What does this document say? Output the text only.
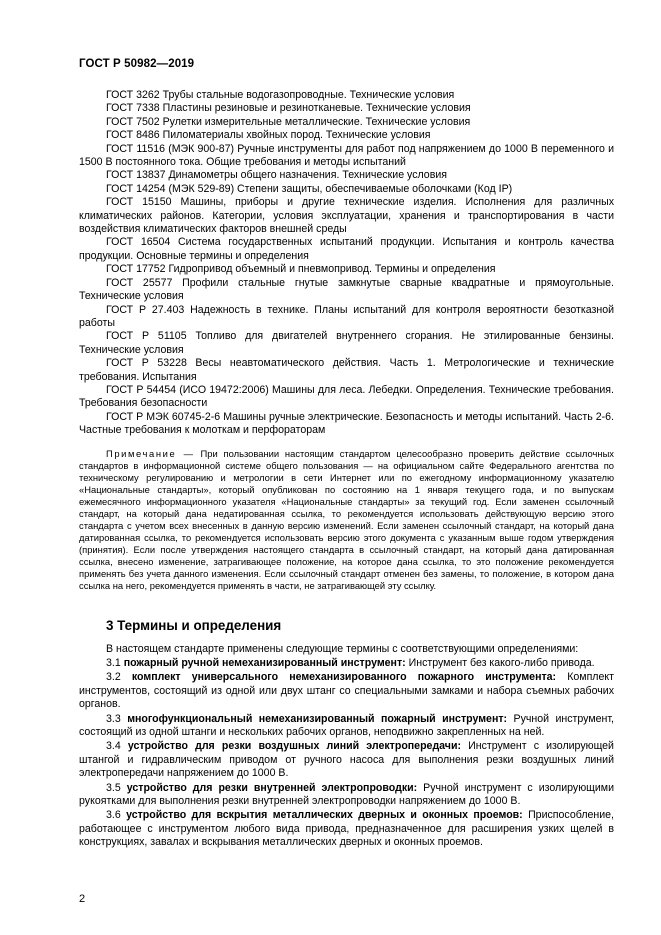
ГОСТ Р 50982—2019

ГОСТ 3262 Трубы стальные водогазопроводные. Технические условия

ГОСТ 7338 Пластины резиновые и резинотканевые. Технические условия

ГОСТ 7502 Рулетки измерительные металлические. Технические условия

ГОСТ 8486 Пиломатериалы хвойных пород. Технические условия

ГОСТ 11516 (МЭК 900-87) Ручные инструменты для работ под напряжением до 1000 В переменного и 1500 В постоянного тока. Общие требования и методы испытаний

ГОСТ 13837 Динамометры общего назначения. Технические условия

ГОСТ 14254 (МЭК 529-89) Степени защиты, обеспечиваемые оболочками (Код IP)

ГОСТ 15150 Машины, приборы и другие технические изделия. Исполнения для различных климатических районов. Категории, условия эксплуатации, хранения и транспортирования в части воздействия климатических факторов внешней среды

ГОСТ 16504 Система государственных испытаний продукции. Испытания и контроль качества продукции. Основные термины и определения

ГОСТ 17752 Гидропривод объемный и пневмопривод. Термины и определения

ГОСТ 25577 Профили стальные гнутые замкнутые сварные квадратные и прямоугольные. Технические условия

ГОСТ Р 27.403 Надежность в технике. Планы испытаний для контроля вероятности безотказной работы

ГОСТ Р 51105 Топливо для двигателей внутреннего сгорания. Не этилированные бензины. Технические условия

ГОСТ Р 53228 Весы неавтоматического действия. Часть 1. Метрологические и технические требования. Испытания

ГОСТ Р 54454 (ИСО 19472:2006) Машины для леса. Лебедки. Определения. Технические требования. Требования безопасности

ГОСТ Р МЭК 60745-2-6 Машины ручные электрические. Безопасность и методы испытаний. Часть 2-6. Частные требования к молоткам и перфораторам

Примечание — При пользовании настоящим стандартом целесообразно проверить действие ссылочных стандартов в информационной системе общего пользования — на официальном сайте Федерального агентства по техническому регулированию и метрологии в сети Интернет или по ежегодному информационному указателю «Национальные стандарты», который опубликован по состоянию на 1 января текущего года, и по выпускам ежемесячного информационного указателя «Национальные стандарты» за текущий год. Если заменен ссылочный стандарт, на который дана недатированная ссылка, то рекомендуется использовать действующую версию этого стандарта с учетом всех внесенных в данную версию изменений. Если заменен ссылочный стандарт, на который дана датированная ссылка, то рекомендуется использовать версию этого документа с указанным выше годом утверждения (принятия). Если после утверждения настоящего стандарта в ссылочный стандарт, на который дана датированная ссылка, внесено изменение, затрагивающее положение, на которое дана ссылка, то это положение рекомендуется применять без учета данного изменения. Если ссылочный стандарт отменен без замены, то положение, в котором дана ссылка на него, рекомендуется применять в части, не затрагивающей эту ссылку.

3 Термины и определения

В настоящем стандарте применены следующие термины с соответствующими определениями:

3.1 пожарный ручной немеханизированный инструмент: Инструмент без какого-либо привода.

3.2 комплект универсального немеханизированного пожарного инструмента: Комплект инструментов, состоящий из одной или двух штанг со специальными замками и набора съемных рабочих органов.

3.3 многофункциональный немеханизированный пожарный инструмент: Ручной инструмент, состоящий из одной штанги и нескольких рабочих органов, неподвижно закрепленных на ней.

3.4 устройство для резки воздушных линий электропередачи: Инструмент с изолирующей штангой и гидравлическим приводом от ручного насоса для выполнения резки воздушных линий электропередачи напряжением до 1000 В.

3.5 устройство для резки внутренней электропроводки: Ручной инструмент с изолирующими рукоятками для выполнения резки внутренней электропроводки напряжением до 1000 В.

3.6 устройство для вскрытия металлических дверных и оконных проемов: Приспособление, работающее с инструментом любого вида привода, предназначенное для расширения узких щелей в конструкциях, завалах и вскрывания металлических дверных и оконных проемов.

2
